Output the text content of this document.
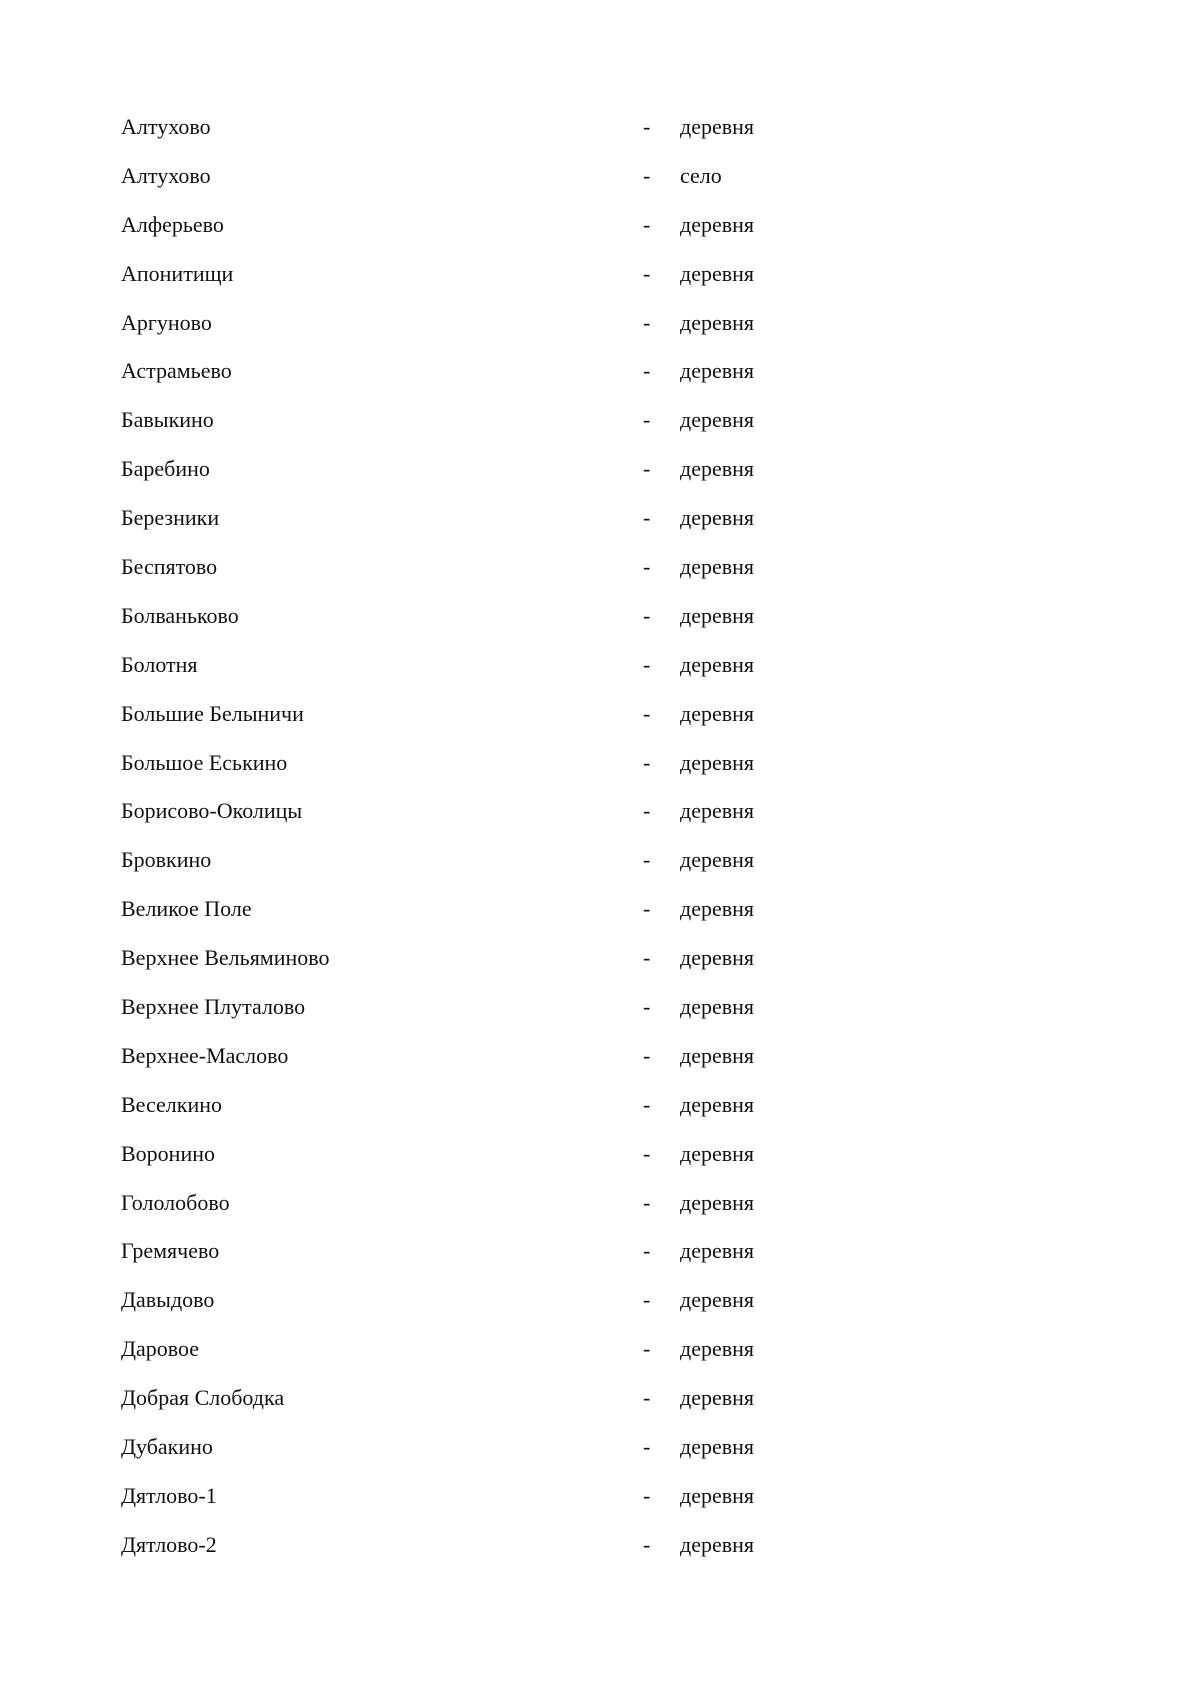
Алтухово	- деревня
Алтухово	- село
Алферьево	- деревня
Апонитищи	- деревня
Аргуново	- деревня
Астрамьево	- деревня
Бавыкино	- деревня
Баребино	- деревня
Березники	- деревня
Беспятово	- деревня
Болваньково	- деревня
Болотня	- деревня
Большие Белыничи	- деревня
Большое Еськино	- деревня
Борисово-Околицы	- деревня
Бровкино	- деревня
Великое Поле	- деревня
Верхнее Вельяминово	- деревня
Верхнее Плуталово	- деревня
Верхнее-Маслово	- деревня
Веселкино	- деревня
Воронино	- деревня
Гололобово	- деревня
Гремячево	- деревня
Давыдово	- деревня
Даровое	- деревня
Добрая Слободка	- деревня
Дубакино	- деревня
Дятлово-1	- деревня
Дятлово-2	- деревня
